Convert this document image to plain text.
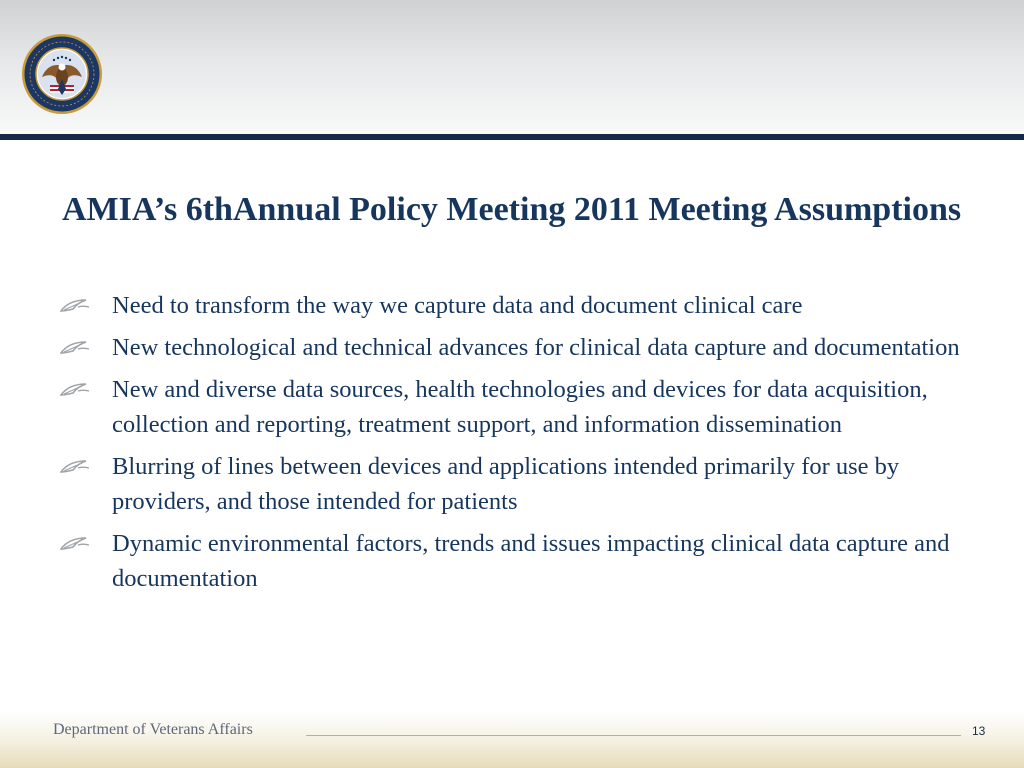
AMIA’s 6thAnnual Policy Meeting 2011 Meeting Assumptions
Need to transform the way we capture data and document clinical care
New technological and technical advances for clinical data capture and documentation
New and diverse data sources, health technologies and devices for data acquisition, collection and reporting, treatment support, and information dissemination
Blurring of lines between devices and applications intended primarily for use by providers, and those intended for patients
Dynamic environmental factors, trends and issues impacting clinical data capture and documentation
Department of Veterans Affairs	13
